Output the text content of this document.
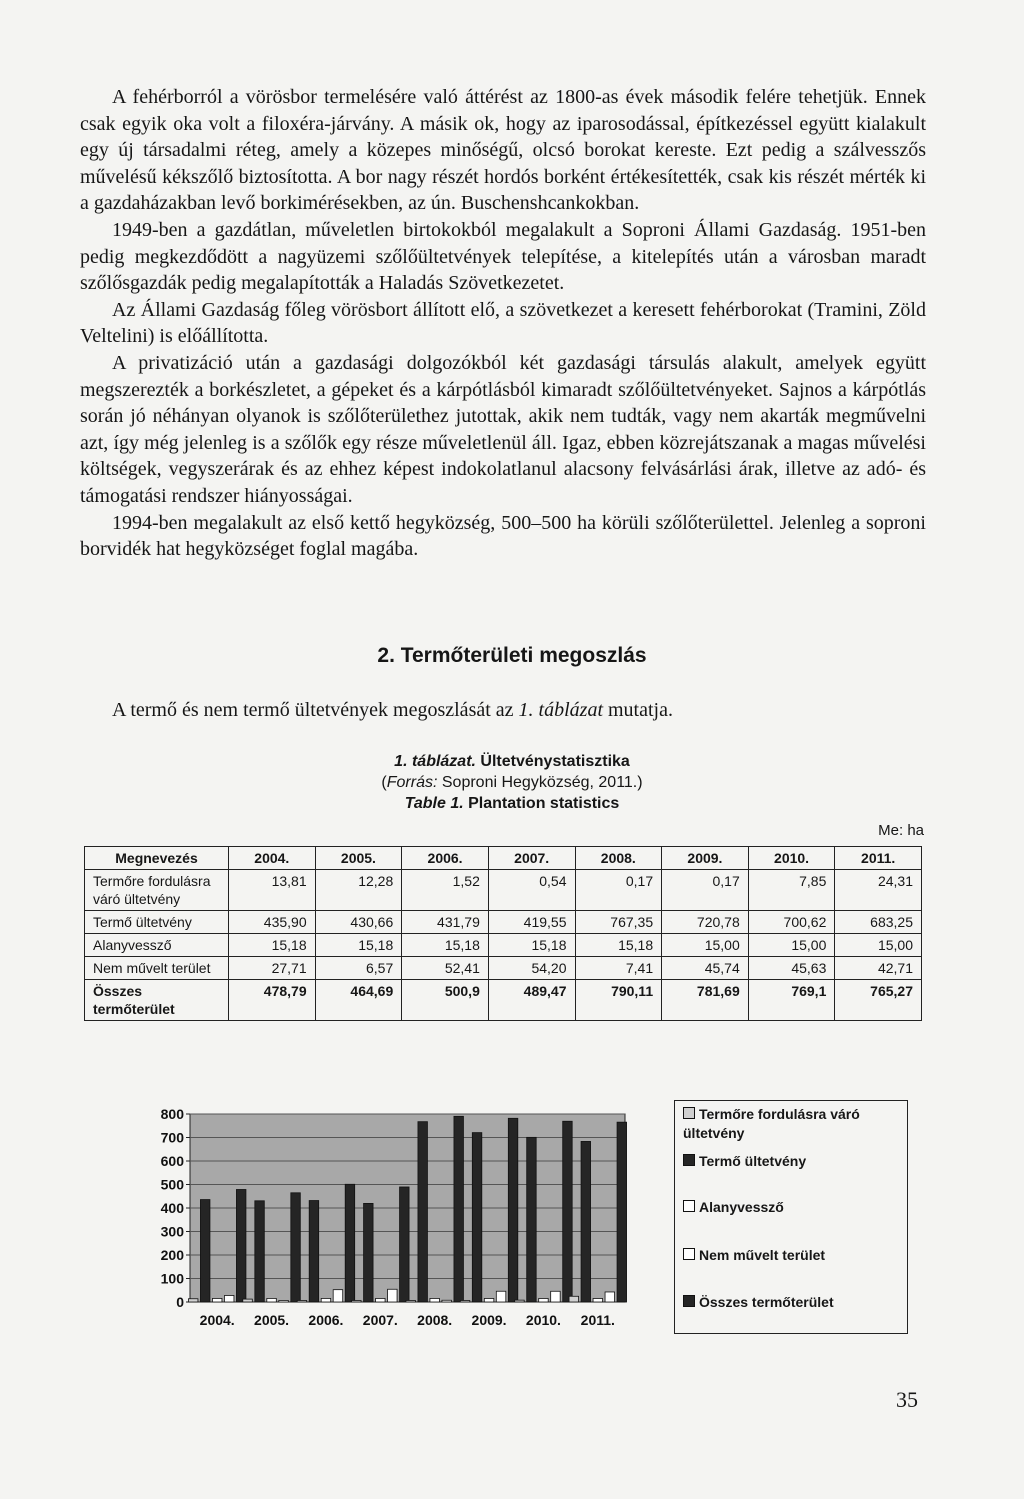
A fehérborról a vörösbor termelésére való áttérést az 1800-as évek második felére tehetjük. Ennek csak egyik oka volt a filoxéra-járvány. A másik ok, hogy az iparosodással, építkezéssel együtt kialakult egy új társadalmi réteg, amely a közepes minőségű, olcsó borokat kereste. Ezt pedig a szálvesszős művelésű kékszőlő biztosította. A bor nagy részét hordós borként értékesítették, csak kis részét mérték ki a gazdaházakban levő borkimérésekben, az ún. Buschenshcankokban.

1949-ben a gazdátlan, műveletlen birtokokból megalakult a Soproni Állami Gazdaság. 1951-ben pedig megkezdődött a nagyüzemi szőlőültetvények telepítése, a kitelepítés után a városban maradt szőlősgazdák pedig megalapították a Haladás Szövetkezetet.

Az Állami Gazdaság főleg vörösbort állított elő, a szövetkezet a keresett fehérborokat (Tramini, Zöld Veltelini) is előállította.

A privatizáció után a gazdasági dolgozókból két gazdasági társulás alakult, amelyek együtt megszerezték a borkészletet, a gépeket és a kárpótlásból kimaradt szőlőültetvényeket. Sajnos a kárpótlás során jó néhányan olyanok is szőlőterülethez jutottak, akik nem tudták, vagy nem akarták megművelni azt, így még jelenleg is a szőlők egy része műveletlenül áll. Igaz, ebben közrejátszanak a magas művelési költségek, vegyszerárak és az ehhez képest indokolatlanul alacsony felvásárlási árak, illetve az adó- és támogatási rendszer hiányosságai.

1994-ben megalakult az első kettő hegyközség, 500–500 ha körüli szőlőterülettel. Jelenleg a soproni borvidék hat hegyközséget foglal magába.

2. Termőterületi megoszlás

A termő és nem termő ültetvények megoszlását az 1. táblázat mutatja.

1. táblázat. Ültetvénystatisztika
(Forrás: Soproni Hegyközség, 2011.)
Table 1. Plantation statistics
Me: ha
Megnevezés	2004.	2005.	2006.	2007.	2008.	2009.	2010.	2011.
Termőre fordulásra váró ültetvény	13,81	12,28	1,52	0,54	0,17	0,17	7,85	24,31
Termő ültetvény	435,90	430,66	431,79	419,55	767,35	720,78	700,62	683,25
Alanyvessző	15,18	15,18	15,18	15,18	15,18	15,00	15,00	15,00
Nem művelt terület	27,71	6,57	52,41	54,20	7,41	45,74	45,63	42,71
Összes termőterület	478,79	464,69	500,9	489,47	790,11	781,69	769,1	765,27
0
100
200
300
400
500
600
700
800
2004. 2005. 2006. 2007. 2008. 2009. 2010. 2011.
Termőre fordulásra váró ültetvény
Termő ültetvény
Alanyvessző
Nem művelt terület
Összes termőterület
35
